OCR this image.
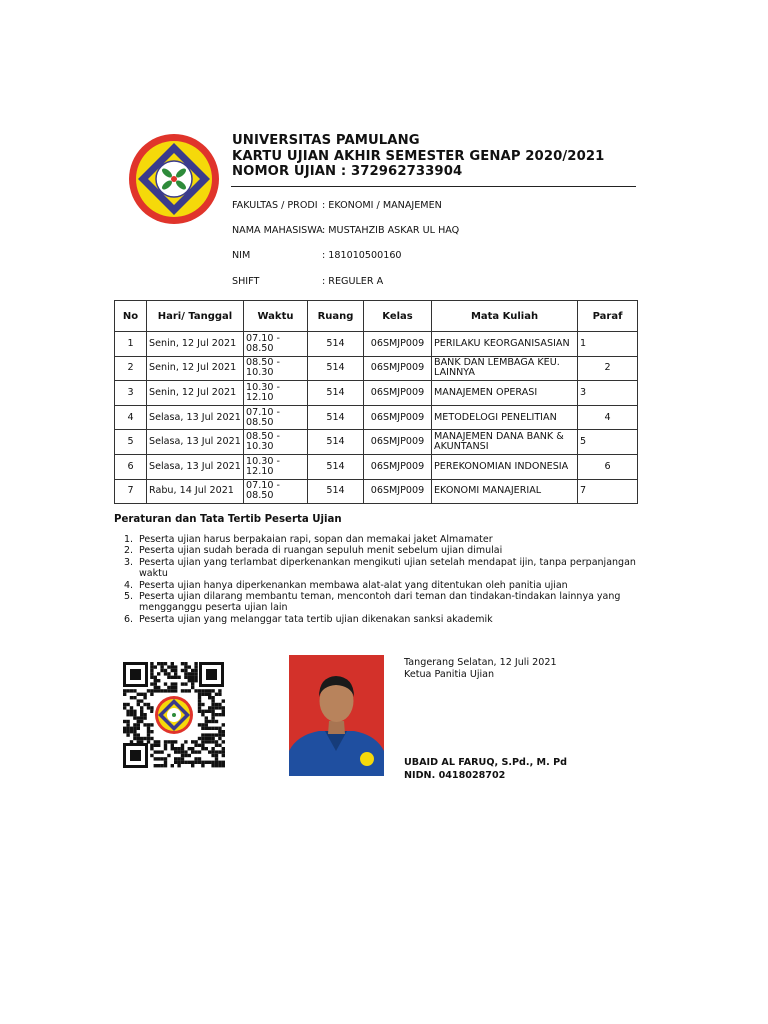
UNIVERSITAS PAMULANG
KARTU UJIAN AKHIR SEMESTER GENAP 2020/2021
NOMOR UJIAN : 372962733904
FAKULTAS / PRODI : EKONOMI / MANAJEMEN
NAMA MAHASISWA : MUSTAHZIB ASKAR UL HAQ
NIM	: 181010500160
SHIFT	: REGULER A
No	Hari/ Tanggal	Waktu	Ruang	Kelas	Mata Kuliah	Paraf
1	Senin, 12 Jul 2021	07.10 - 08.50	514	06SMJP009	PERILAKU KEORGANISASIAN	1
2	Senin, 12 Jul 2021	08.50 - 10.30	514	06SMJP009	BANK DAN LEMBAGA KEU. LAINNYA	2
3	Senin, 12 Jul 2021	10.30 - 12.10	514	06SMJP009	MANAJEMEN OPERASI	3
4	Selasa, 13 Jul 2021	07.10 - 08.50	514	06SMJP009	METODELOGI PENELITIAN	4
5	Selasa, 13 Jul 2021	08.50 - 10.30	514	06SMJP009	MANAJEMEN DANA BANK & AKUNTANSI	5
6	Selasa, 13 Jul 2021	10.30 - 12.10	514	06SMJP009	PEREKONOMIAN INDONESIA	6
7	Rabu, 14 Jul 2021	07.10 - 08.50	514	06SMJP009	EKONOMI MANAJERIAL	7
Peraturan dan Tata Tertib Peserta Ujian
1. Peserta ujian harus berpakaian rapi, sopan dan memakai jaket Almamater
2. Peserta ujian sudah berada di ruangan sepuluh menit sebelum ujian dimulai
3. Peserta ujian yang terlambat diperkenankan mengikuti ujian setelah mendapat ijin, tanpa perpanjangan waktu
4. Peserta ujian hanya diperkenankan membawa alat-alat yang ditentukan oleh panitia ujian
5. Peserta ujian dilarang membantu teman, mencontoh dari teman dan tindakan-tindakan lainnya yang mengganggu peserta ujian lain
6. Peserta ujian yang melanggar tata tertib ujian dikenakan sanksi akademik
Tangerang Selatan, 12 Juli 2021
Ketua Panitia Ujian
UBAID AL FARUQ, S.Pd., M. Pd
NIDN. 0418028702
